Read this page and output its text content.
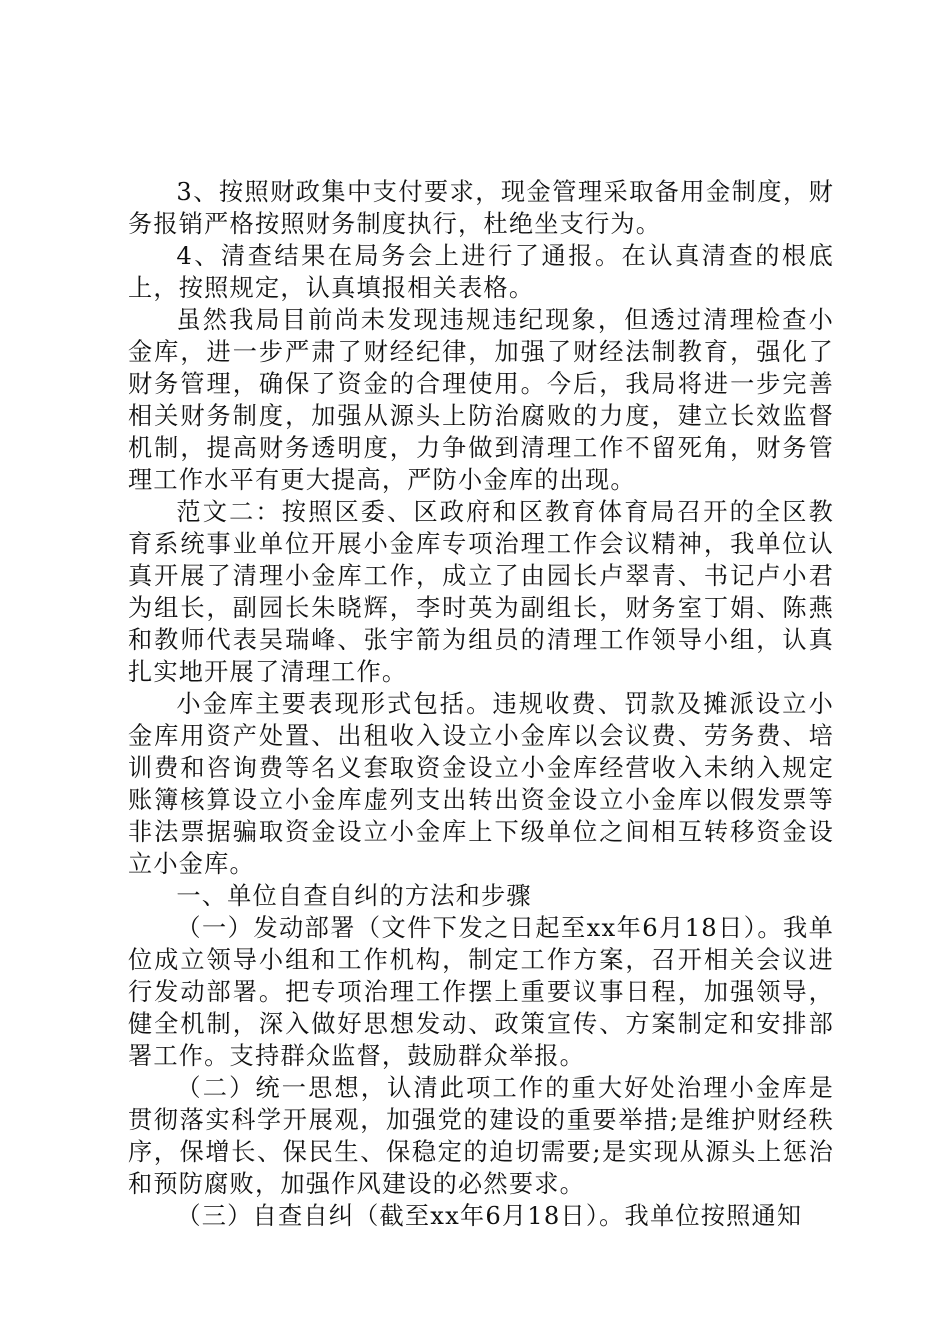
3、按照财政集中支付要求，现金管理采取备用金制度，财务报销严格按照财务制度执行，杜绝坐支行为。

4、清查结果在局务会上进行了通报。在认真清查的根底上，按照规定，认真填报相关表格。

虽然我局目前尚未发现违规违纪现象，但透过清理检查小金库，进一步严肃了财经纪律，加强了财经法制教育，强化了财务管理，确保了资金的合理使用。今后，我局将进一步完善相关财务制度，加强从源头上防治腐败的力度，建立长效监督机制，提高财务透明度，力争做到清理工作不留死角，财务管理工作水平有更大提高，严防小金库的出现。

范文二：按照区委、区政府和区教育体育局召开的全区教育系统事业单位开展小金库专项治理工作会议精神，我单位认真开展了清理小金库工作，成立了由园长卢翠青、书记卢小君为组长，副园长朱晓辉，李时英为副组长，财务室丁娟、陈燕和教师代表吴瑞峰、张宇箭为组员的清理工作领导小组，认真扎实地开展了清理工作。

小金库主要表现形式包括。违规收费、罚款及摊派设立小金库用资产处置、出租收入设立小金库以会议费、劳务费、培训费和咨询费等名义套取资金设立小金库经营收入未纳入规定账簿核算设立小金库虚列支出转出资金设立小金库以假发票等非法票据骗取资金设立小金库上下级单位之间相互转移资金设立小金库。

一、单位自查自纠的方法和步骤

（一）发动部署（文件下发之日起至xx年6月18日）。我单位成立领导小组和工作机构，制定工作方案，召开相关会议进行发动部署。把专项治理工作摆上重要议事日程，加强领导，健全机制，深入做好思想发动、政策宣传、方案制定和安排部署工作。支持群众监督，鼓励群众举报。

（二）统一思想，认清此项工作的重大好处治理小金库是贯彻落实科学开展观，加强党的建设的重要举措;是维护财经秩序，保增长、保民生、保稳定的迫切需要;是实现从源头上惩治和预防腐败，加强作风建设的必然要求。

（三）自查自纠（截至xx年6月18日）。我单位按照通知
